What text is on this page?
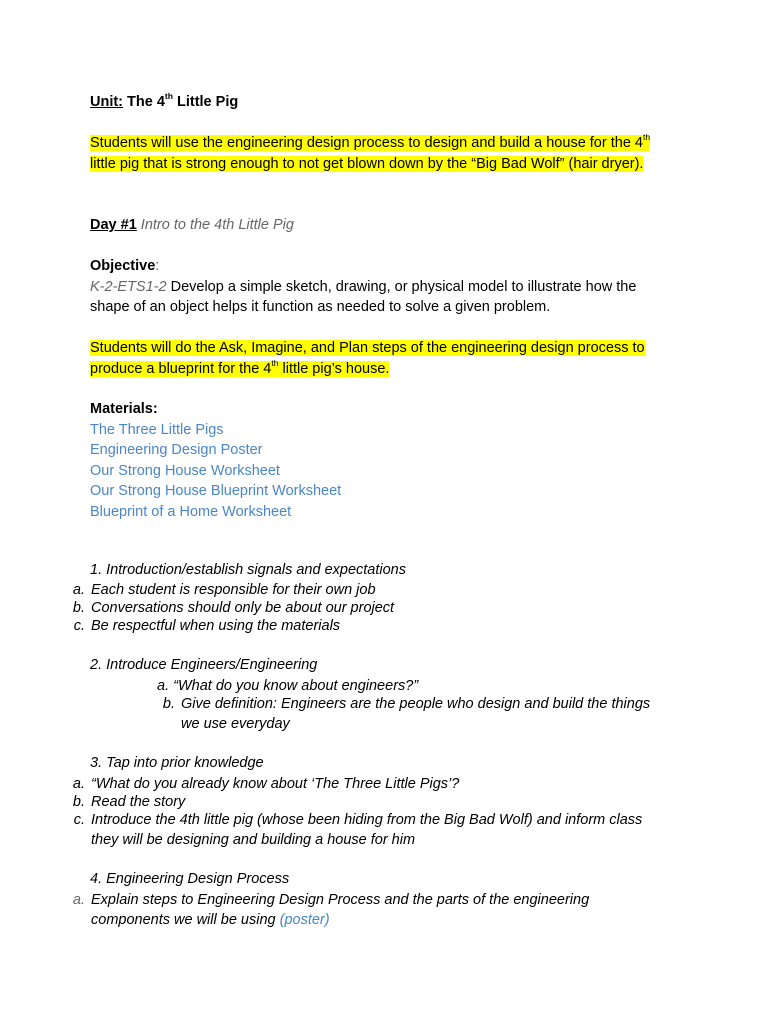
Unit: The 4th Little Pig
Students will use the engineering design process to design and build a house for the 4th
little pig that is strong enough to not get blown down by the “Big Bad Wolf” (hair dryer).
Day #1 Intro to the 4th Little Pig
Objective:
K-2-ETS1-2 Develop a simple sketch, drawing, or physical model to illustrate how the
shape of an object helps it function as needed to solve a given problem.
Students will do the Ask, Imagine, and Plan steps of the engineering design process to
produce a blueprint for the 4th little pig’s house.
Materials:
The Three Little Pigs
Engineering Design Poster
Our Strong House Worksheet
Our Strong House Blueprint Worksheet
Blueprint of a Home Worksheet
1. Introduction/establish signals and expectations
a. Each student is responsible for their own job
b. Conversations should only be about our project
c. Be respectful when using the materials
2. Introduce Engineers/Engineering
a. “What do you know about engineers?”
b. Give definition: Engineers are the people who design and build the things
we use everyday
3. Tap into prior knowledge
a. “What do you already know about ‘The Three Little Pigs’?
b. Read the story
c. Introduce the 4th little pig (whose been hiding from the Big Bad Wolf) and inform class
they will be designing and building a house for him
4. Engineering Design Process
a. Explain steps to Engineering Design Process and the parts of the engineering
components we will be using (poster)
